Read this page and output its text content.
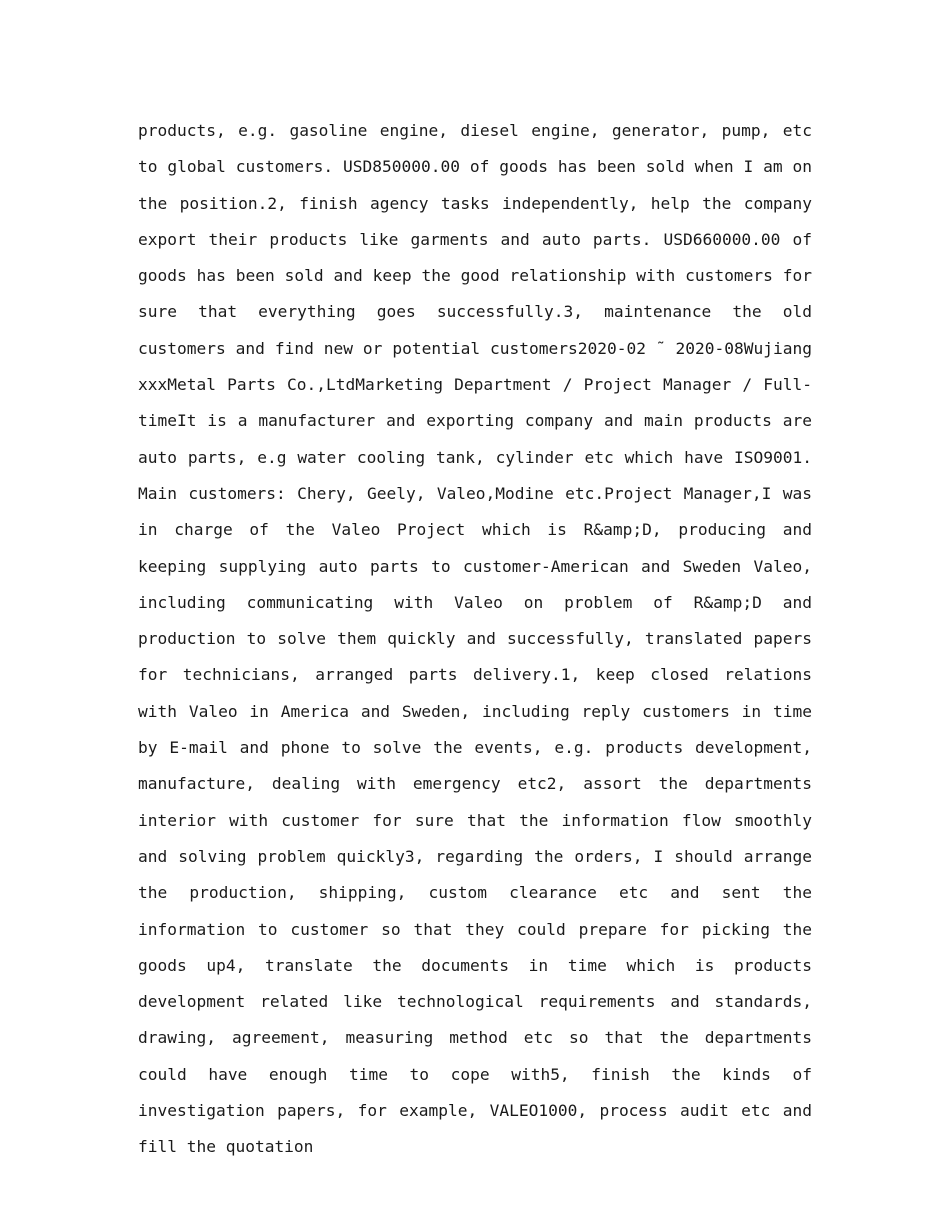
products, e.g. gasoline engine, diesel engine, generator, pump, etc to global customers. USD850000.00 of goods has been sold when I am on the position.2, finish agency tasks independently, help the company export their products like garments and auto parts. USD660000.00 of goods has been sold and keep the good relationship with customers for sure that everything goes successfully.3, maintenance the old customers and find new or potential customers2020-02 ˜ 2020-08Wujiang xxxMetal Parts Co.,LtdMarketing Department / Project Manager / Full-timeIt is a manufacturer and exporting company and main products are auto parts, e.g water cooling tank, cylinder etc which have ISO9001. Main customers: Chery, Geely, Valeo,Modine etc.Project Manager,I was in charge of the Valeo Project which is R&amp;D, producing and keeping supplying auto parts to customer-American and Sweden Valeo, including communicating with Valeo on problem of R&amp;D and production to solve them quickly and successfully, translated papers for technicians, arranged parts delivery.1, keep closed relations with Valeo in America and Sweden, including reply customers in time by E-mail and phone to solve the events, e.g. products development, manufacture, dealing with emergency etc2, assort the departments interior with customer for sure that the information flow smoothly and solving problem quickly3, regarding the orders, I should arrange the production, shipping, custom clearance etc and sent the information to customer so that they could prepare for picking the goods up4, translate the documents in time which is products development related like technological requirements and standards, drawing, agreement, measuring method etc so that the departments could have enough time to cope with5, finish the kinds of investigation papers, for example, VALEO1000, process audit etc and fill the quotation
